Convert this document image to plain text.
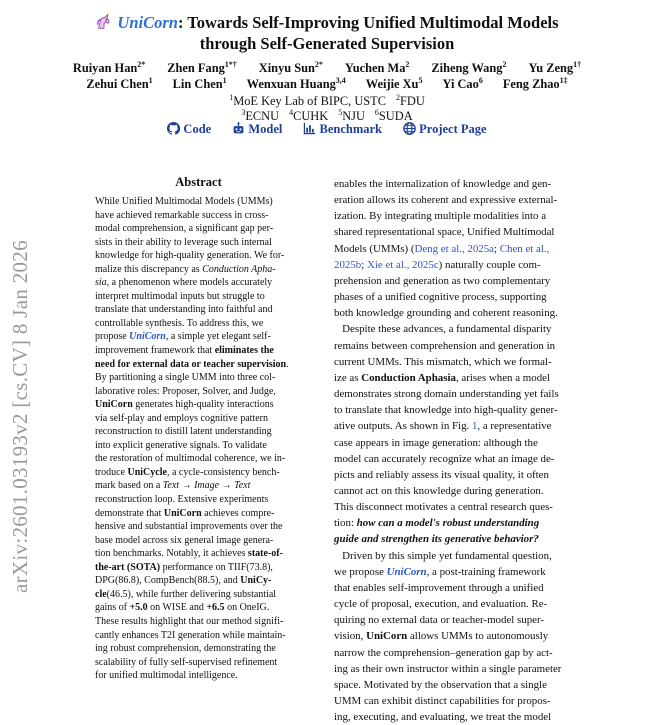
UniCorn: Towards Self-Improving Unified Multimodal Models
through Self-Generated Supervision
Ruiyan Han$^{2*}$ Zhen Fang$^{1*\dagger}$ Xinyu Sun$^{2*}$ Yuchen Ma$^2$ Ziheng Wang$^2$ Yu Zeng$^{1\dagger}$
Zehui Chen$^1$ Lin Chen$^1$ Wenxuan Huang$^{3,4}$ Weijie Xu$^5$ Yi Cao$^6$ Feng Zhao$^{1\ddagger}$
$^1$MoE Key Lab of BIPC, USTC $^2$FDU
$^3$ECNU $^4$CUHK $^5$NJU $^6$SUDA
Code	Model	Benchmark	Project Page
arXiv:2601.03193v2 [cs.CV] 8 Jan 2026
Abstract

While Unified Multimodal Models (UMMs)

have achieved remarkable success in cross-

modal comprehension, a significant gap per-

sists in their ability to leverage such internal

knowledge for high-quality generation. We for-

malize this discrepancy as Conduction Apha-

sia, a phenomenon where models accurately

interpret multimodal inputs but struggle to

translate that understanding into faithful and

controllable synthesis. To address this, we

propose UniCorn, a simple yet elegant self-

improvement framework that eliminates the

need for external data or teacher supervision.

By partitioning a single UMM into three col-

laborative roles: Proposer, Solver, and Judge,

UniCorn generates high-quality interactions

via self-play and employs cognitive pattern

reconstruction to distill latent understanding

into explicit generative signals. To validate

the restoration of multimodal coherence, we in-

troduce UniCycle, a cycle-consistency bench-

mark based on a Text → Image → Text

reconstruction loop. Extensive experiments

demonstrate that UniCorn achieves compre-

hensive and substantial improvements over the

base model across six general image genera-

tion benchmarks. Notably, it achieves state-of-

the-art (SOTA) performance on TIIF(73.8),

DPG(86.8), CompBench(88.5), and UniCy-

cle(46.5), while further delivering substantial

gains of +5.0 on WISE and +6.5 on OneIG.

These results highlight that our method signifi-

cantly enhances T2I generation while maintain-

ing robust comprehension, demonstrating the

scalability of fully self-supervised refinement

for unified multimodal intelligence.

enables the internalization of knowledge and gen-

eration allows its coherent and expressive external-

ization. By integrating multiple modalities into a

shared representational space, Unified Multimodal

Models (UMMs) (Deng et al., 2025a; Chen et al.,

2025b; Xie et al., 2025c) naturally couple com-

prehension and generation as two complementary

phases of a unified cognitive process, supporting

both knowledge grounding and coherent reasoning.

Despite these advances, a fundamental disparity

remains between comprehension and generation in

current UMMs. This mismatch, which we formal-

ize as Conduction Aphasia, arises when a model

demonstrates strong domain understanding yet fails

to translate that knowledge into high-quality gener-

ative outputs. As shown in Fig. 1, a representative

case appears in image generation: although the

model can accurately recognize what an image de-

picts and reliably assess its visual quality, it often

cannot act on this knowledge during generation.

This disconnect motivates a central research ques-

tion: how can a model's robust understanding

guide and strengthen its generative behavior?

Driven by this simple yet fundamental question,

we propose UniCorn, a post-training framework

that enables self-improvement through a unified

cycle of proposal, execution, and evaluation. Re-

quiring no external data or teacher-model super-

vision, UniCorn allows UMMs to autonomously

narrow the comprehension–generation gap by act-

ing as their own instructor within a single parameter

space. Motivated by the observation that a single

UMM can exhibit distinct capabilities for propos-

ing, executing, and evaluating, we treat the model
